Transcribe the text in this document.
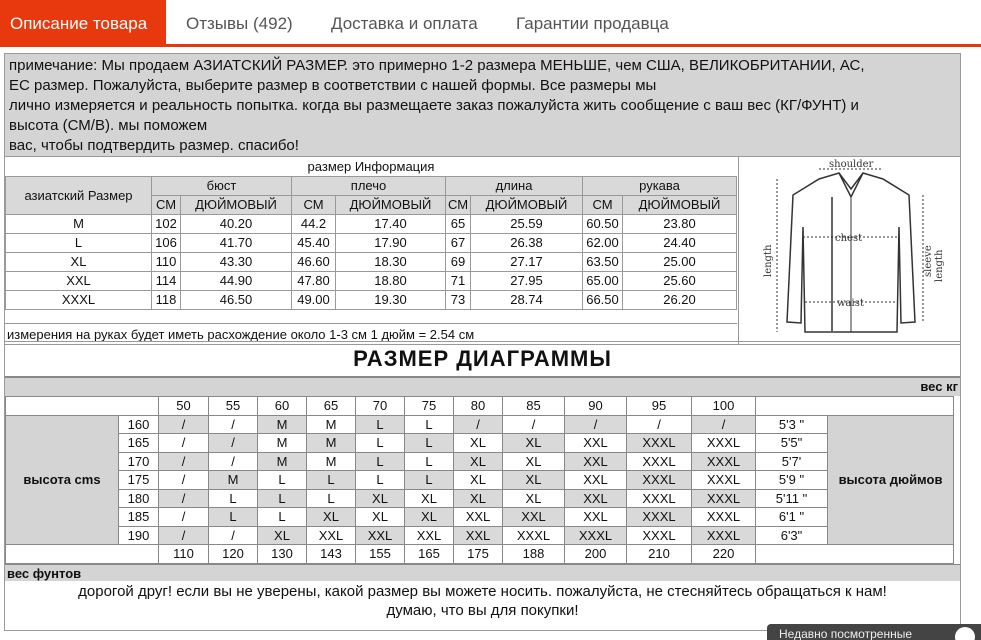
Описание товара	Отзывы (492)	Доставка и оплата	Гарантии продавца
примечание: Мы продаем АЗИАТСКИЙ РАЗМЕР. это примерно 1-2 размера МЕНЬШЕ, чем США, ВЕЛИКОБРИТАНИИ, АС,
ЕС размер. Пожалуйста, выберите размер в соответствии с нашей формы. Все размеры мы
лично измеряется и реальность попытка. когда вы размещаете заказ пожалуйста жить сообщение с ваш вес (КГ/ФУНТ) и
высота (СМ/В). мы поможем
вас, чтобы подтвердить размер. спасибо!
размер Информация								
азиатский Размер	бюст		плечо		длина		рукава	
	СМ	ДЮЙМОВЫЙ	СМ	ДЮЙМОВЫЙ	СМ	ДЮЙМОВЫЙ	СМ	ДЮЙМОВЫЙ
M	102	40.20	44.2	17.40	65	25.59	60.50	23.80
L	106	41.70	45.40	17.90	67	26.38	62.00	24.40
XL	110	43.30	46.60	18.30	69	27.17	63.50	25.00
XXL	114	44.90	47.80	18.80	71	27.95	65.00	25.60
XXXL	118	46.50	49.00	19.30	73	28.74	66.50	26.20
измерения на руках будет иметь расхождение около 1-3 см 1 дюйм = 2.54 см
shoulder
chest
waist
length	sleeve length
РАЗМЕР ДИАГРАММЫ
вес кг
		50	55	60	65	70	75	80	85	90	95	100		
высота cms	160	/	/	M	M	L	L	/	/	/	/	/	5'3 "	высота дюймов
	165	/	/	M	M	L	L	XL	XL	XXL	XXXL	XXXL	5'5"	
	170	/	/	M	M	L	L	XL	XL	XXL	XXXL	XXXL	5'7'	
	175	/	M	L	L	L	L	XL	XL	XXL	XXXL	XXXL	5'9 "	
	180	/	L	L	L	XL	XL	XL	XL	XXL	XXXL	XXXL	5'11 "	
	185	/	L	L	XL	XL	XL	XXL	XXL	XXL	XXXL	XXXL	6'1 "	
	190	/	/	XL	XXL	XXL	XXL	XXL	XXXL	XXXL	XXXL	XXXL	6'3"	
		110	120	130	143	155	165	175	188	200	210	220		
вес фунтов
дорогой друг! если вы не уверены, какой размер вы можете носить. пожалуйста, не стесняйтесь обращаться к нам!
думаю, что вы для покупки!
Недавно посмотренные
